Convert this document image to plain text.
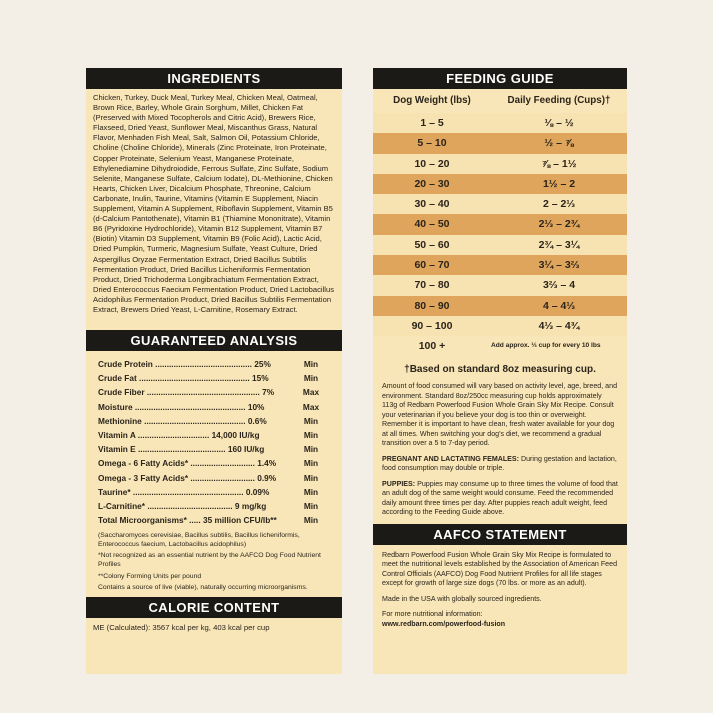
INGREDIENTS
Chicken, Turkey, Duck Meal, Turkey Meal, Chicken Meal, Oatmeal, Brown Rice, Barley, Whole Grain Sorghum, Millet, Chicken Fat (Preserved with Mixed Tocopherols and Citric Acid), Brewers Rice, Flaxseed, Dried Yeast, Sunflower Meal, Miscanthus Grass, Natural Flavor, Menhaden Fish Meal, Salt, Salmon Oil, Potassium Chloride, Choline (Choline Chloride), Minerals (Zinc Proteinate, Iron Proteinate, Copper Proteinate, Selenium Yeast, Manganese Proteinate, Ethylenediamine Dihydroiodide, Ferrous Sulfate, Zinc Sulfate, Sodium Selenite, Manganese Sulfate, Calcium Iodate), DL-Methionine, Chicken Hearts, Chicken Liver, Dicalcium Phosphate, Threonine, Calcium Carbonate, Inulin, Taurine, Vitamins (Vitamin E Supplement, Niacin Supplement, Vitamin A Supplement, Riboflavin Supplement, Vitamin B5 (d-Calcium Pantothenate), Vitamin B1 (Thiamine Mononitrate), Vitamin B6 (Pyridoxine Hydrochloride), Vitamin B12 Supplement, Vitamin B7 (Biotin) Vitamin D3 Supplement, Vitamin B9 (Folic Acid), Lactic Acid, Dried Pumpkin, Turmeric, Magnesium Sulfate, Yeast Culture, Dried Aspergillus Oryzae Fermentation Extract, Dried Bacillus Subtilis Fermentation Product, Dried Bacillus Licheniformis Fermentation Product, Dried Trichoderma Longibrachiatum Fermentation Extract, Dried Enterococcus Faecium Fermentation Product, Dried Lactobacillus Acidophilus Fermentation Product, Dried Bacillus Subtilis Fermentation Extract, Brewers Dried Yeast, L-Carnitine, Rosemary Extract.
GUARANTEED ANALYSIS
Crude Protein .......................................... 25%	Min
Crude Fat ................................................ 15%	Min
Crude Fiber ................................................. 7%	Max
Moisture ................................................ 10%	Max
Methionine ............................................ 0.6%	Min
Vitamin A ............................... 14,000 IU/kg	Min
Vitamin E ...................................... 160 IU/kg	Min
Omega - 6 Fatty Acids* ............................ 1.4%	Min
Omega - 3 Fatty Acids* ............................ 0.9%	Min
Taurine* ................................................ 0.09%	Min
L-Carnitine* ..................................... 9 mg/kg	Min
Total Microorganisms* ..... 35 million CFU/lb**	Min

(Saccharomyces cerevisiae, Bacillus subtilis, Bacillus licheniformis, Enterococcus faecium, Lactobacillus acidophilus)

*Not recognized as an essential nutrient by the AAFCO Dog Food Nutrient Profiles

**Colony Forming Units per pound

Contains a source of live (viable), naturally occurring microorganisms.

CALORIE CONTENT
ME (Calculated): 3567 kcal per kg, 403 kcal per cup
FEEDING GUIDE
Dog Weight (lbs)	Daily Feeding (Cups)†
1 – 5	⅛ – ½
5 – 10	½ – ⅞
10 – 20	⅞ – 1½
20 – 30	1½ – 2
30 – 40	2 – 2⅓
40 – 50	2⅓ – 2¾
50 – 60	2¾ – 3¼
60 – 70	3¼ – 3⅔
70 – 80	3⅔ – 4
80 – 90	4 – 4⅓
90 – 100	4⅓ – 4¾
100 +	Add approx. ⅓ cup for every 10 lbs
†Based on standard 8oz measuring cup.

Amount of food consumed will vary based on activity level, age, breed, and environment. Standard 8oz/250cc measuring cup holds approximately 113g of Redbarn Powerfood Fusion Whole Grain Sky Mix Recipe. Consult your veterinarian if you believe your dog is too thin or overweight. Remember it is important to have clean, fresh water available for your dog at all times. When switching your dog's diet, we recommend a gradual transition over a 5 to 7-day period.

PREGNANT AND LACTATING FEMALES: During gestation and lactation, food consumption may double or triple.

PUPPIES: Puppies may consume up to three times the volume of food that an adult dog of the same weight would consume. Feed the recommended daily amount three times per day. After puppies reach adult weight, feed according to the Feeding Guide above.

AAFCO STATEMENT

Redbarn Powerfood Fusion Whole Grain Sky Mix Recipe is formulated to meet the nutritional levels established by the Association of American Feed Control Officials (AAFCO) Dog Food Nutrient Profiles for all life stages except for growth of large size dogs (70 lbs. or more as an adult).

Made in the USA with globally sourced ingredients.

For more nutritional information:
www.redbarn.com/powerfood-fusion
